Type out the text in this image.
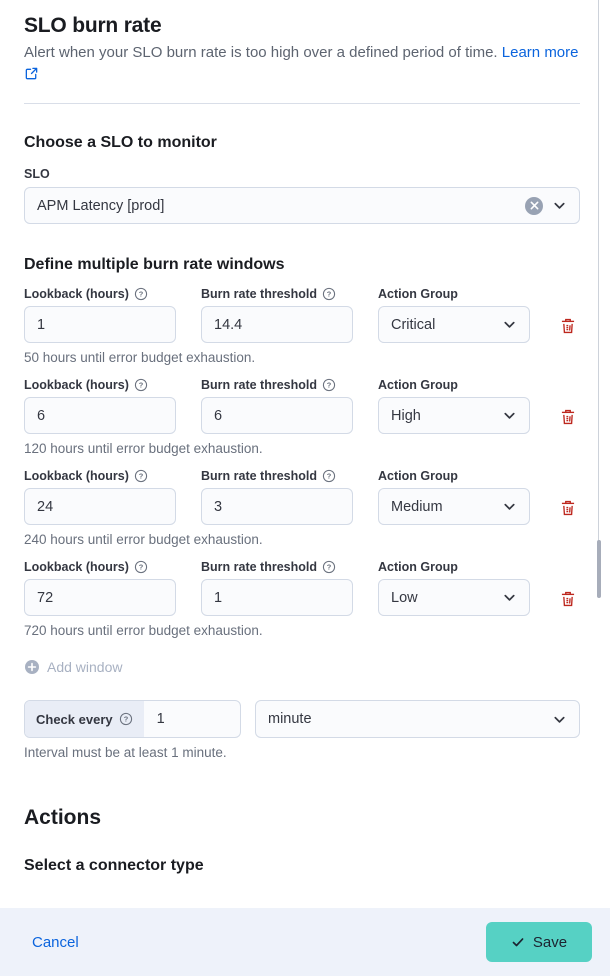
SLO burn rate
Alert when your SLO burn rate is too high over a defined period of time. Learn more
Choose a SLO to monitor
SLO
APM Latency [prod]
Define multiple burn rate windows
Lookback (hours) ?
1
Burn rate threshold ?
14.4
Action Group
Critical
50 hours until error budget exhaustion.
Lookback (hours) ?
6
Burn rate threshold ?
6
Action Group
High
120 hours until error budget exhaustion.
Lookback (hours) ?
24
Burn rate threshold ?
3
Action Group
Medium
240 hours until error budget exhaustion.
Lookback (hours) ?
72
Burn rate threshold ?
1
Action Group
Low
720 hours until error budget exhaustion.
Add window
Check every ?	1	minute
Interval must be at least 1 minute.
Actions
Select a connector type
Cancel	Save
